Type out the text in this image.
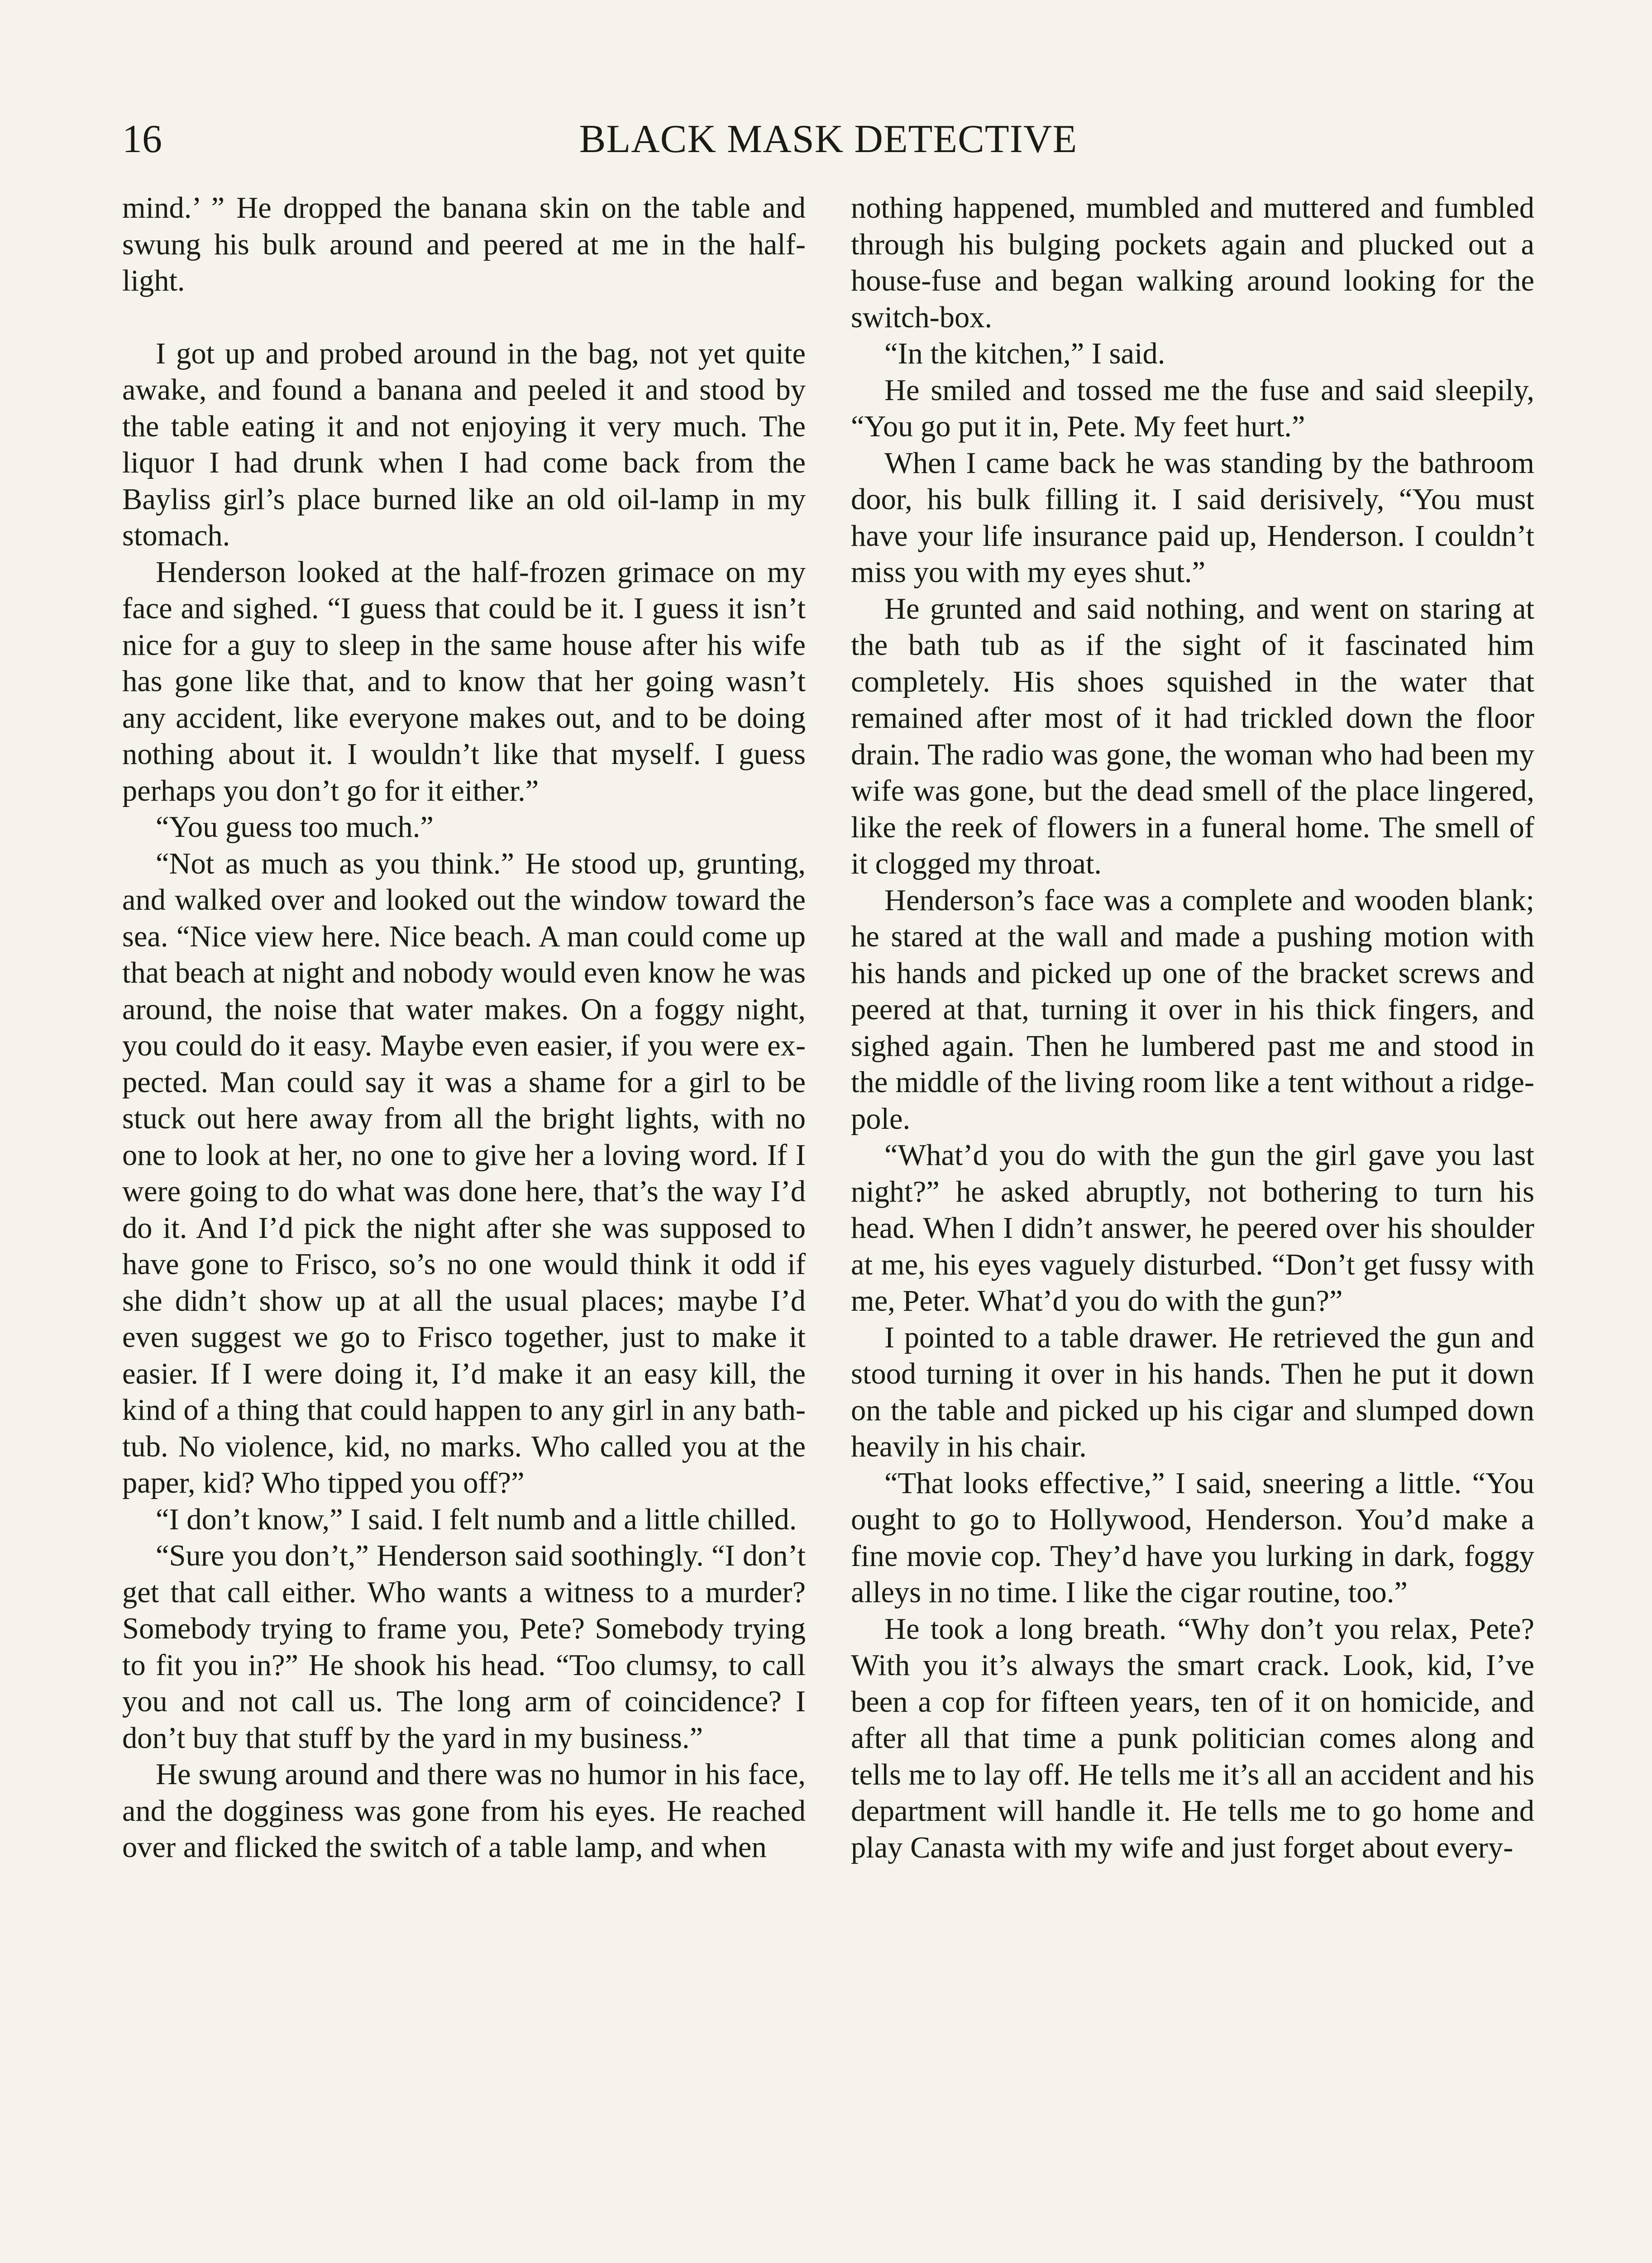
16	BLACK MASK DETECTIVE

mind.’ ” He dropped the banana skin on the table and swung his bulk around and peered at me in the half-light.

I got up and probed around in the bag, not yet quite awake, and found a banana and peeled it and stood by the table eating it and not enjoying it very much. The liquor I had drunk when I had come back from the Bayliss girl’s place burned like an old oil-lamp in my stomach.

Henderson looked at the half-frozen grimace on my face and sighed. “I guess that could be it. I guess it isn’t nice for a guy to sleep in the same house after his wife has gone like that, and to know that her going wasn’t any accident, like everyone makes out, and to be doing nothing about it. I wouldn’t like that myself. I guess perhaps you don’t go for it either.”

“You guess too much.”

“Not as much as you think.” He stood up, grunting, and walked over and looked out the window toward the sea. “Nice view here. Nice beach. A man could come up that beach at night and nobody would even know he was around, the noise that water makes. On a foggy night, you could do it easy. Maybe even easier, if you were expected. Man could say it was a shame for a girl to be stuck out here away from all the bright lights, with no one to look at her, no one to give her a loving word. If I were going to do what was done here, that’s the way I’d do it. And I’d pick the night after she was supposed to have gone to Frisco, so’s no one would think it odd if she didn’t show up at all the usual places; maybe I’d even suggest we go to Frisco together, just to make it easier. If I were doing it, I’d make it an easy kill, the kind of a thing that could happen to any girl in any bathtub. No violence, kid, no marks. Who called you at the paper, kid? Who tipped you off?”

“I don’t know,” I said. I felt numb and a little chilled.

“Sure you don’t,” Henderson said soothingly. “I don’t get that call either. Who wants a witness to a murder? Somebody trying to frame you, Pete? Somebody trying to fit you in?” He shook his head. “Too clumsy, to call you and not call us. The long arm of coincidence? I don’t buy that stuff by the yard in my business.”

He swung around and there was no humor in his face, and the dogginess was gone from his eyes. He reached over and flicked the switch of a table lamp, and when

nothing happened, mumbled and muttered and fumbled through his bulging pockets again and plucked out a house-fuse and began walking around looking for the switch-box.

“In the kitchen,” I said.

He smiled and tossed me the fuse and said sleepily, “You go put it in, Pete. My feet hurt.”

When I came back he was standing by the bathroom door, his bulk filling it. I said derisively, “You must have your life insurance paid up, Henderson. I couldn’t miss you with my eyes shut.”

He grunted and said nothing, and went on staring at the bath tub as if the sight of it fascinated him completely. His shoes squished in the water that remained after most of it had trickled down the floor drain. The radio was gone, the woman who had been my wife was gone, but the dead smell of the place lingered, like the reek of flowers in a funeral home. The smell of it clogged my throat.

Henderson’s face was a complete and wooden blank; he stared at the wall and made a pushing motion with his hands and picked up one of the bracket screws and peered at that, turning it over in his thick fingers, and sighed again. Then he lumbered past me and stood in the middle of the living room like a tent without a ridge-pole.

“What’d you do with the gun the girl gave you last night?” he asked abruptly, not bothering to turn his head. When I didn’t answer, he peered over his shoulder at me, his eyes vaguely disturbed. “Don’t get fussy with me, Peter. What’d you do with the gun?”

I pointed to a table drawer. He retrieved the gun and stood turning it over in his hands. Then he put it down on the table and picked up his cigar and slumped down heavily in his chair.

“That looks effective,” I said, sneering a little. “You ought to go to Hollywood, Henderson. You’d make a fine movie cop. They’d have you lurking in dark, foggy alleys in no time. I like the cigar routine, too.”

He took a long breath. “Why don’t you relax, Pete? With you it’s always the smart crack. Look, kid, I’ve been a cop for fifteen years, ten of it on homicide, and after all that time a punk politician comes along and tells me to lay off. He tells me it’s all an accident and his department will handle it. He tells me to go home and play Canasta with my wife and just forget about every-
